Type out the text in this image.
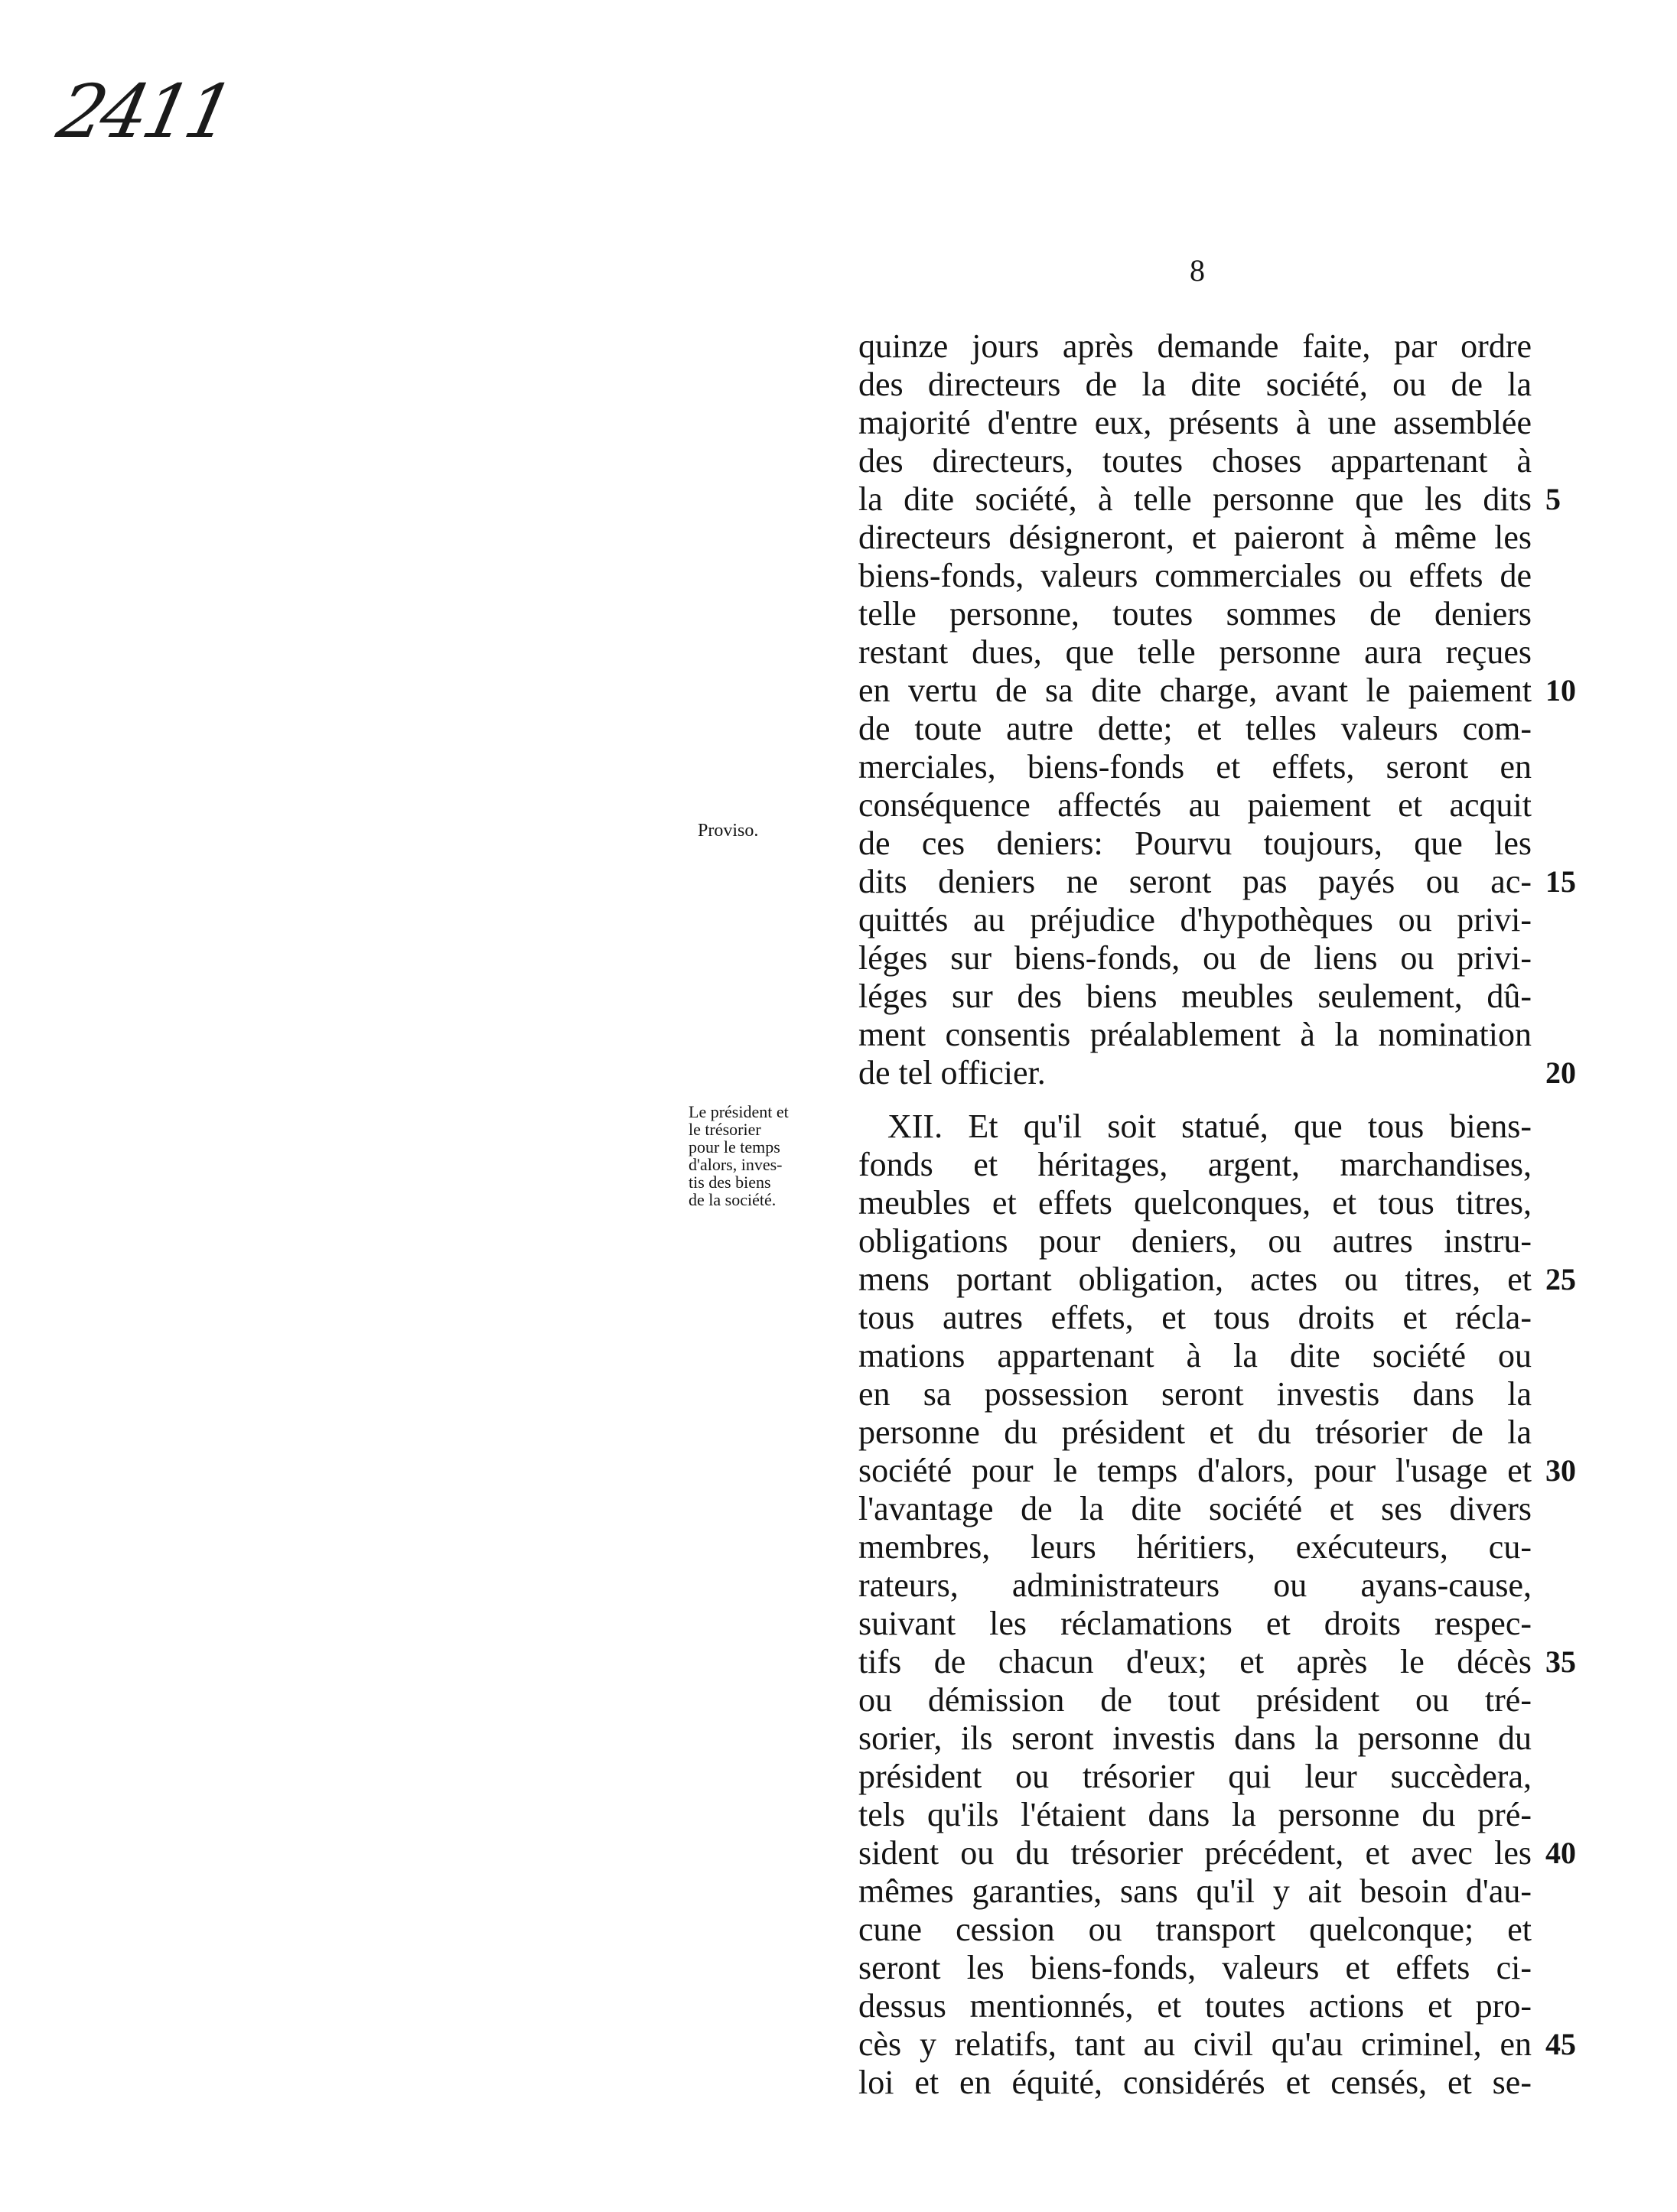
2411
8
Proviso.
Le président et
le trésorier
pour le temps
d'alors, inves-
tis des biens
de la société.
quinze jours après demande faite, par ordre
des directeurs de la dite société, ou de la
majorité d'entre eux, présents à une assemblée
des directeurs, toutes choses appartenant à
la dite société, à telle personne que les dits
directeurs désigneront, et paieront à même les
biens-fonds, valeurs commerciales ou effets de
telle personne, toutes sommes de deniers
restant dues, que telle personne aura reçues
en vertu de sa dite charge, avant le paiement
de toute autre dette; et telles valeurs com-
merciales, biens-fonds et effets, seront en
conséquence affectés au paiement et acquit
de ces deniers: Pourvu toujours, que les
dits deniers ne seront pas payés ou ac-
quittés au préjudice d'hypothèques ou privi-
léges sur biens-fonds, ou de liens ou privi-
léges sur des biens meubles seulement, dû-
ment consentis préalablement à la nomination
de tel officier.
XII. Et qu'il soit statué, que tous biens-
fonds et héritages, argent, marchandises,
meubles et effets quelconques, et tous titres,
obligations pour deniers, ou autres instru-
mens portant obligation, actes ou titres, et
tous autres effets, et tous droits et récla-
mations appartenant à la dite société ou
en sa possession seront investis dans la
personne du président et du trésorier de la
société pour le temps d'alors, pour l'usage et
l'avantage de la dite société et ses divers
membres, leurs héritiers, exécuteurs, cu-
rateurs, administrateurs ou ayans-cause,
suivant les réclamations et droits respec-
tifs de chacun d'eux; et après le décès
ou démission de tout président ou tré-
sorier, ils seront investis dans la personne du
président ou trésorier qui leur succèdera,
tels qu'ils l'étaient dans la personne du pré-
sident ou du trésorier précédent, et avec les
mêmes garanties, sans qu'il y ait besoin d'au-
cune cession ou transport quelconque; et
seront les biens-fonds, valeurs et effets ci-
dessus mentionnés, et toutes actions et pro-
cès y relatifs, tant au civil qu'au criminel, en
loi et en équité, considérés et censés, et se-
5
10
15
20
25
30
35
40
45
